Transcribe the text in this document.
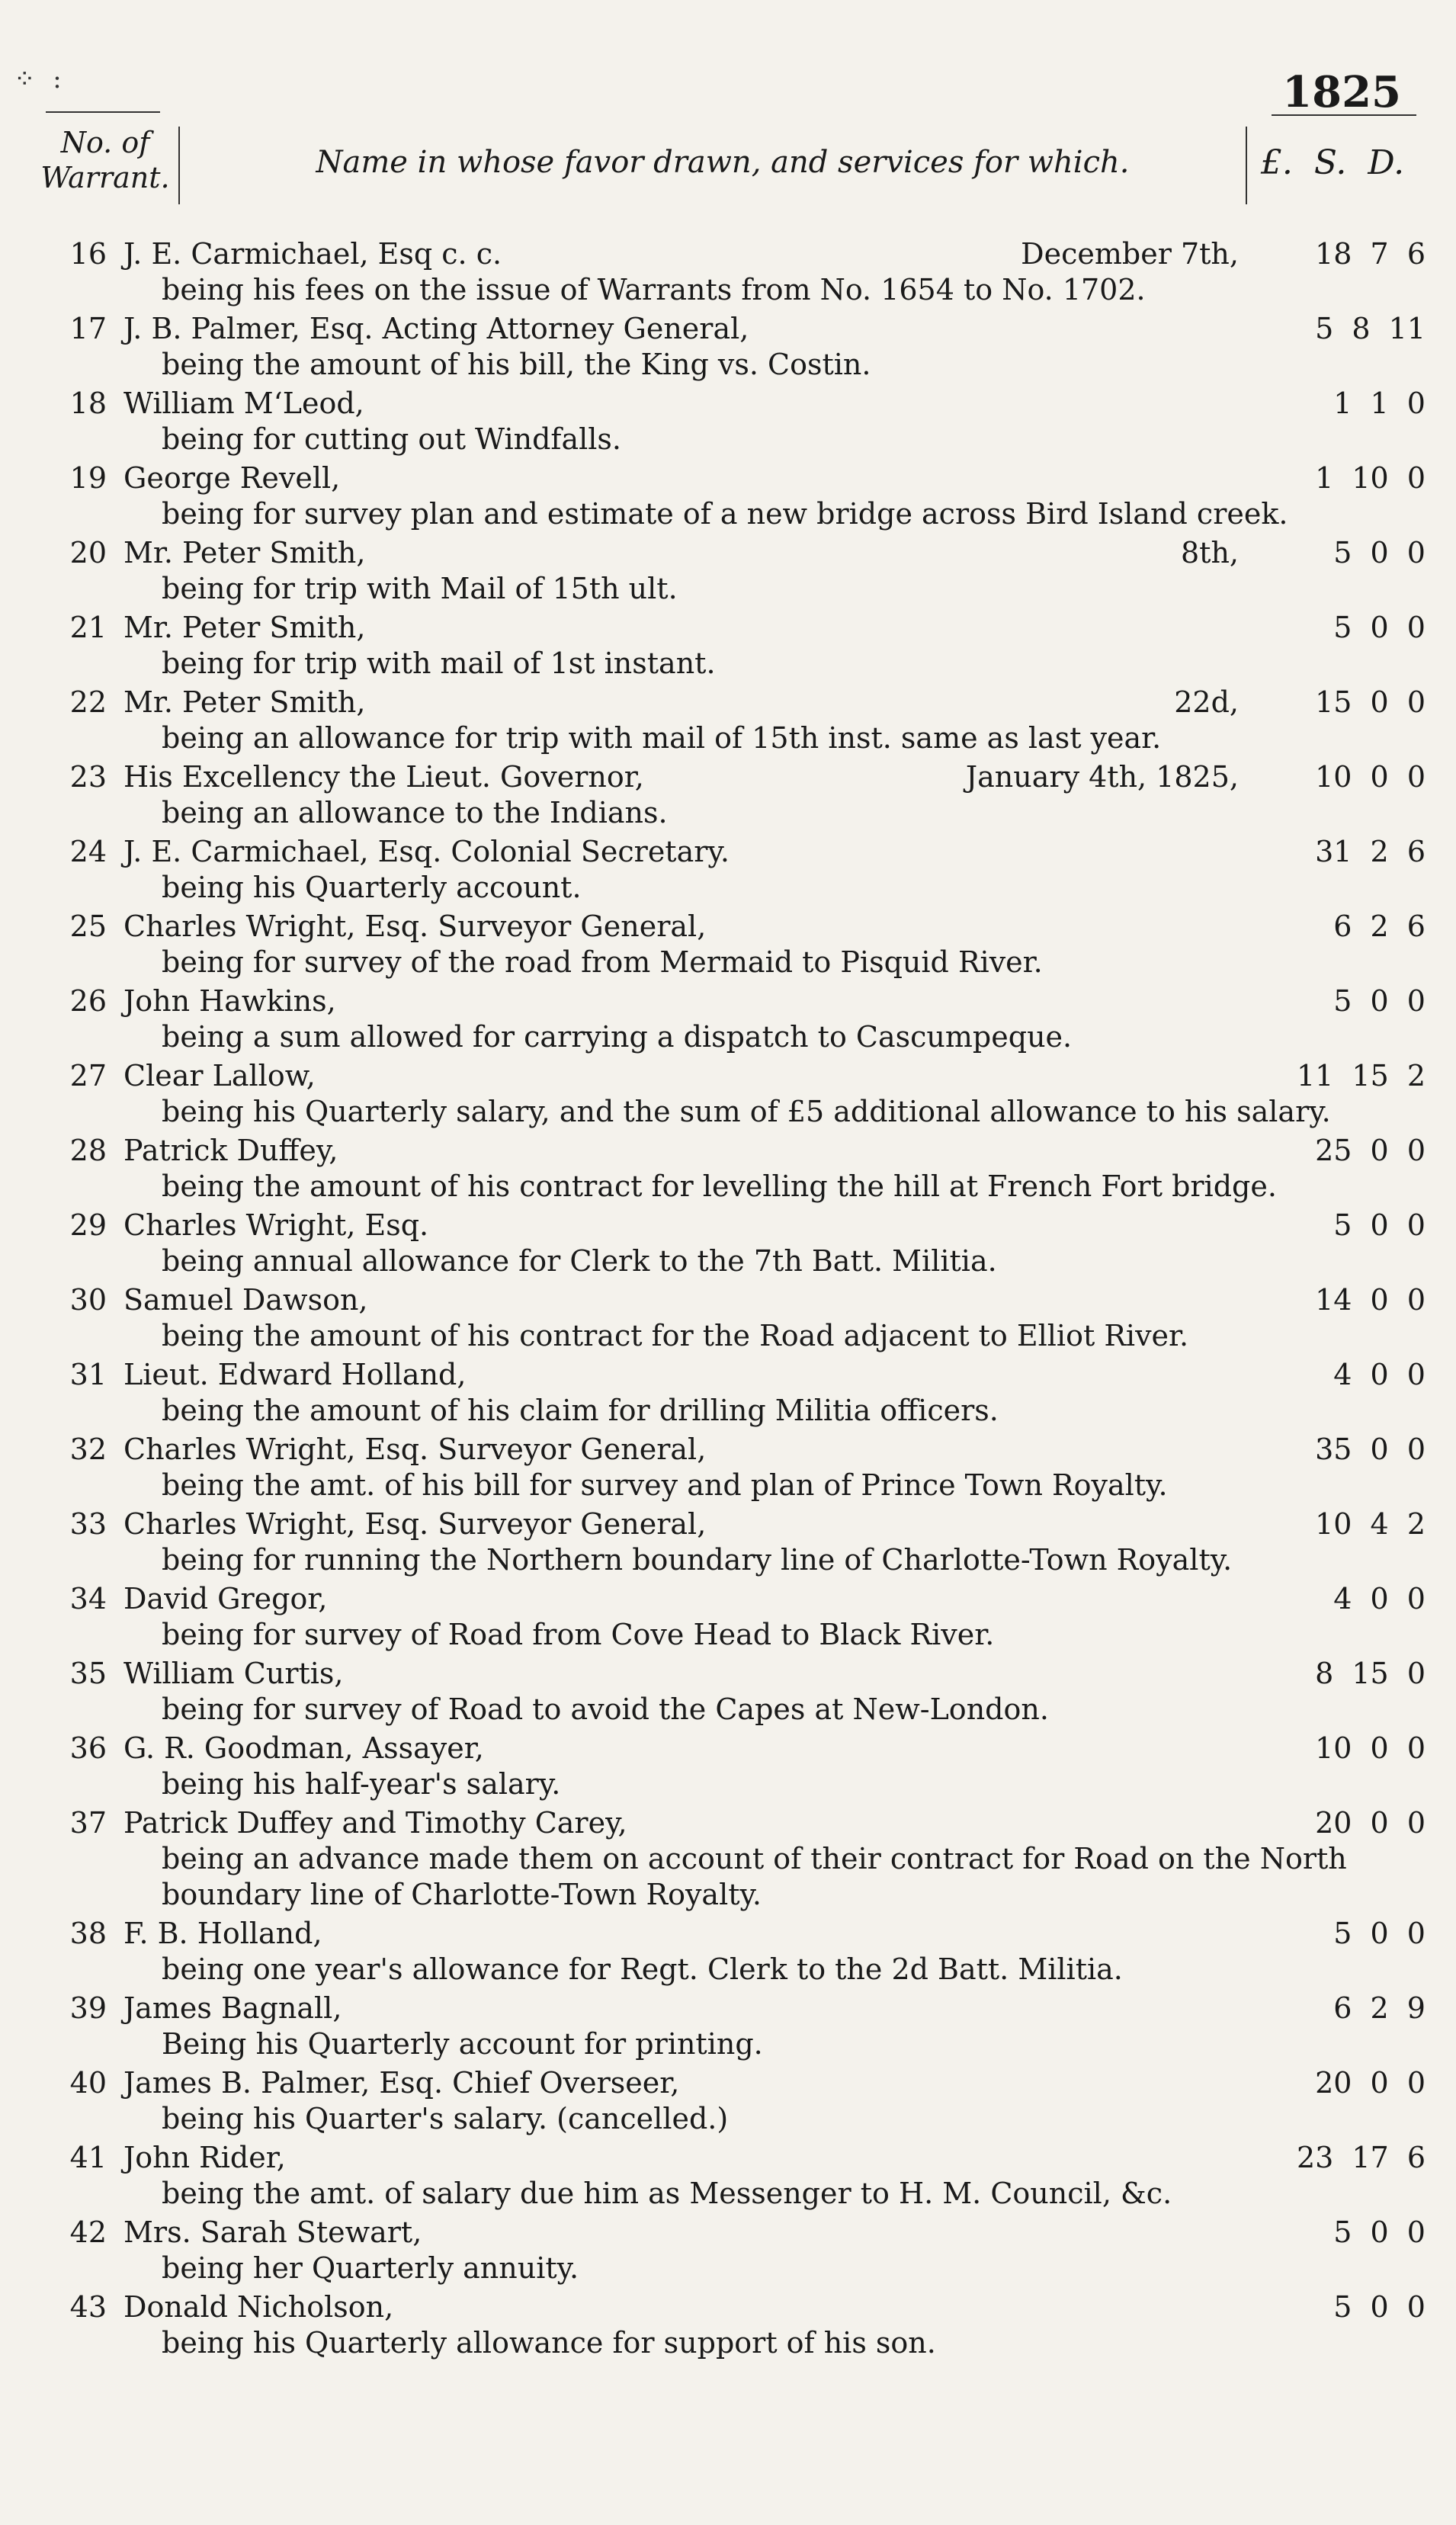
⁘ :	1825
No. of Warrant.	Name in whose favor drawn, and services for which.	£. S. D.
16 J. E. Carmichael, Esq c. c.	December 7th,	18 7 6
being his fees on the issue of Warrants from No. 1654 to No. 1702.
17 J. B. Palmer, Esq. Acting Attorney General,	5 8 11
being the amount of his bill, the King vs. Costin.
18 William M‘Leod,	1 1 0
being for cutting out Windfalls.
19 George Revell,	1 10 0
being for survey plan and estimate of a new bridge across Bird Island creek.
20 Mr. Peter Smith,	8th,	5 0 0
being for trip with Mail of 15th ult.
21 Mr. Peter Smith,	5 0 0
being for trip with mail of 1st instant.
22 Mr. Peter Smith,	22d,	15 0 0
being an allowance for trip with mail of 15th inst. same as last year.
23 His Excellency the Lieut. Governor,	January 4th, 1825,	10 0 0
being an allowance to the Indians.
24 J. E. Carmichael, Esq. Colonial Secretary.	31 2 6
being his Quarterly account.
25 Charles Wright, Esq. Surveyor General,	6 2 6
being for survey of the road from Mermaid to Pisquid River.
26 John Hawkins,	5 0 0
being a sum allowed for carrying a dispatch to Cascumpeque.
27 Clear Lallow,	11 15 2
being his Quarterly salary, and the sum of £5 additional allowance to his salary.
28 Patrick Duffey,	25 0 0
being the amount of his contract for levelling the hill at French Fort bridge.
29 Charles Wright, Esq.	5 0 0
being annual allowance for Clerk to the 7th Batt. Militia.
30 Samuel Dawson,	14 0 0
being the amount of his contract for the Road adjacent to Elliot River.
31 Lieut. Edward Holland,	4 0 0
being the amount of his claim for drilling Militia officers.
32 Charles Wright, Esq. Surveyor General,	35 0 0
being the amt. of his bill for survey and plan of Prince Town Royalty.
33 Charles Wright, Esq. Surveyor General,	10 4 2
being for running the Northern boundary line of Charlotte-Town Royalty.
34 David Gregor,	4 0 0
being for survey of Road from Cove Head to Black River.
35 William Curtis,	8 15 0
being for survey of Road to avoid the Capes at New-London.
36 G. R. Goodman, Assayer,	10 0 0
being his half-year's salary.
37 Patrick Duffey and Timothy Carey,	20 0 0
being an advance made them on account of their contract for Road on the North boundary line of Charlotte-Town Royalty.
38 F. B. Holland,	5 0 0
being one year's allowance for Regt. Clerk to the 2d Batt. Militia.
39 James Bagnall,	6 2 9
Being his Quarterly account for printing.
40 James B. Palmer, Esq. Chief Overseer,	20 0 0
being his Quarter's salary. (cancelled.)
41 John Rider,	23 17 6
being the amt. of salary due him as Messenger to H. M. Council, &c.
42 Mrs. Sarah Stewart,	5 0 0
being her Quarterly annuity.
43 Donald Nicholson,	5 0 0
being his Quarterly allowance for support of his son.
